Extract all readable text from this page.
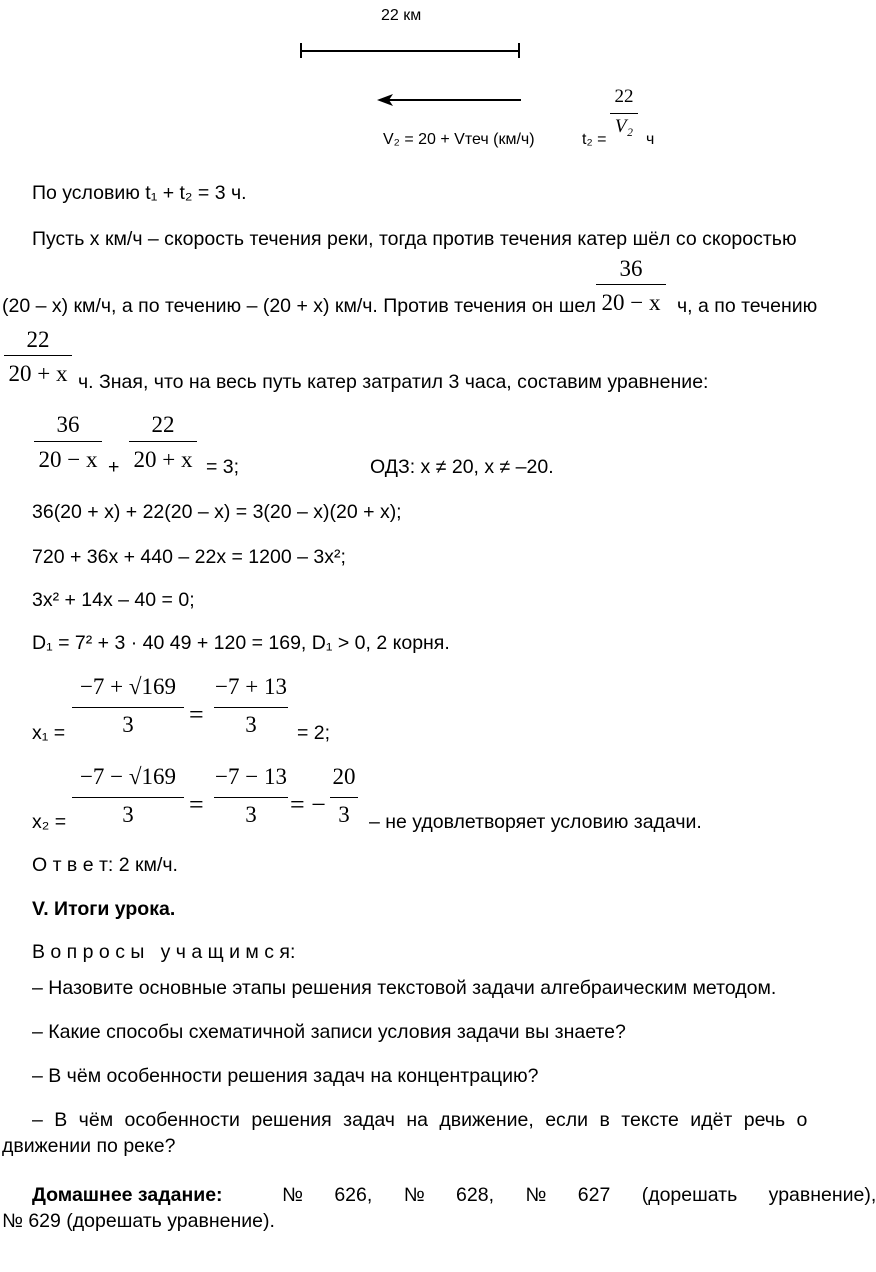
22 км
V₂ = 20 + Vтеч (км/ч)	t₂ =
22
V₂
ч
По условию t₁ + t₂ = 3 ч.
Пусть x км/ч – скорость течения реки, тогда против течения катер шёл со скоростью
(20 – x) км/ч, а по течению – (20 + x) км/ч. Против течения он шел
36
20 − x ч, а по течению
22
20 + x ч. Зная, что на весь путь катер затратил 3 часа, составим уравнение:
36
20 − x +
22
20 + x = 3;	ОДЗ: x ≠ 20, x ≠ –20.
36(20 + x) + 22(20 – x) = 3(20 – x)(20 + x);
720 + 36x + 440 – 22x = 1200 – 3x²;
3x² + 14x – 40 = 0;
D₁ = 7² + 3 · 40 49 + 120 = 169, D₁ > 0, 2 корня.
x₁ =
−7 + √169
3	=
−7 + 13
3	= 2;
x₂ =
−7 − √169
3	=
−7 − 13
3	= −
20
3 – не удовлетворяет условию задачи.
О т в е т: 2 км/ч.
V. Итоги урока.
В о п р о с ы   у ч а щ и м с я:
– Назовите основные этапы решения текстовой задачи алгебраическим методом.
– Какие способы схематичной записи условия задачи вы знаете?
– В чём особенности решения задач на концентрацию?
– В чём особенности решения задач на движение, если в тексте идёт речь о
движении по реке?
Домашнее задание:	№ 626, № 628, № 627 (дорешать уравнение),
№ 629 (дорешать уравнение).
